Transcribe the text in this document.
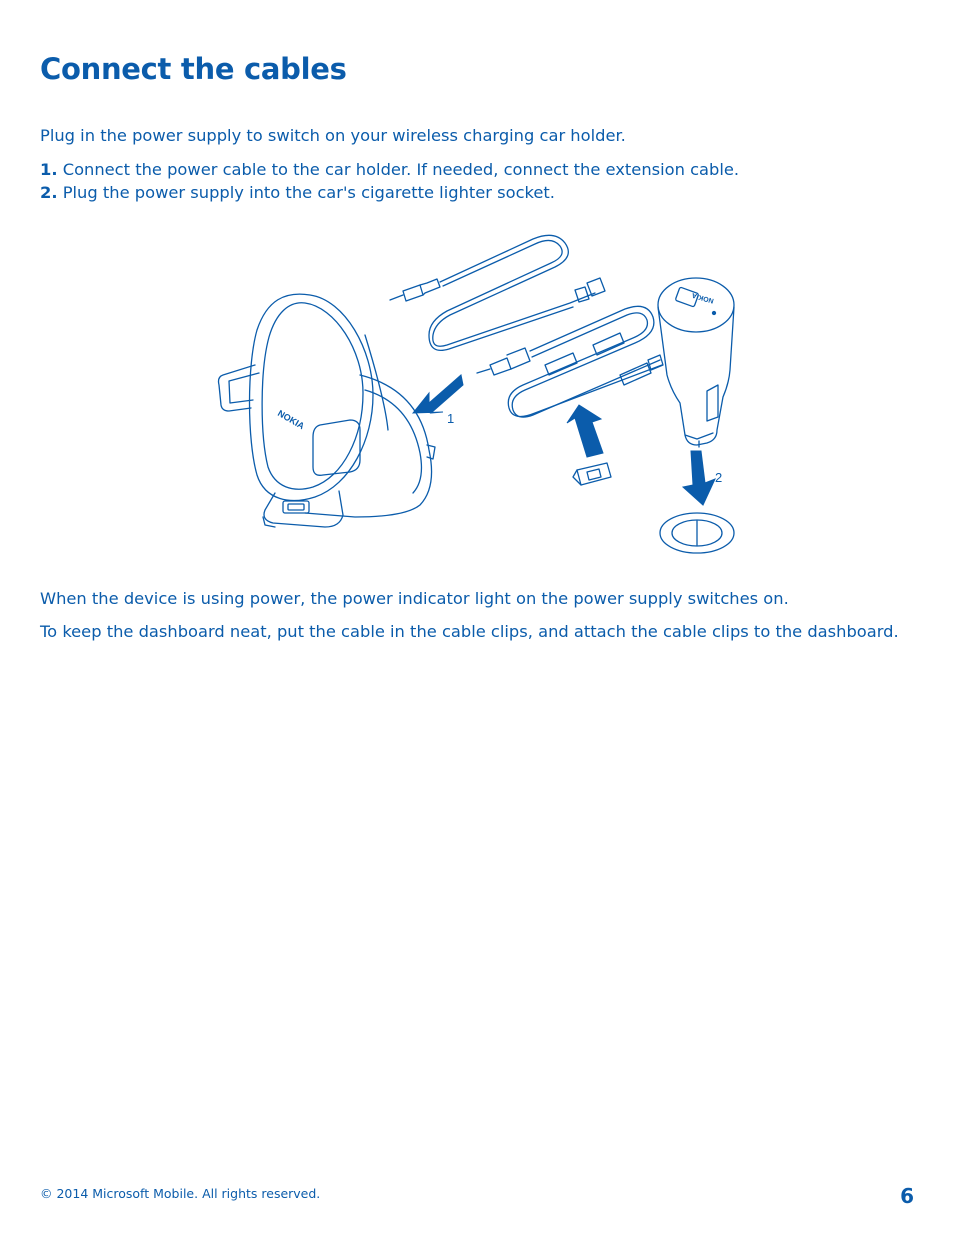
Connect the cables

Plug in the power supply to switch on your wireless charging car holder.

1. Connect the power cable to the car holder. If needed, connect the extension cable.
2. Plug the power supply into the car's cigarette lighter socket.
NOKIA
NOKIA
1
2

When the device is using power, the power indicator light on the power supply switches on.

To keep the dashboard neat, put the cable in the cable clips, and attach the cable clips to the dashboard.

© 2014 Microsoft Mobile. All rights reserved.	6
